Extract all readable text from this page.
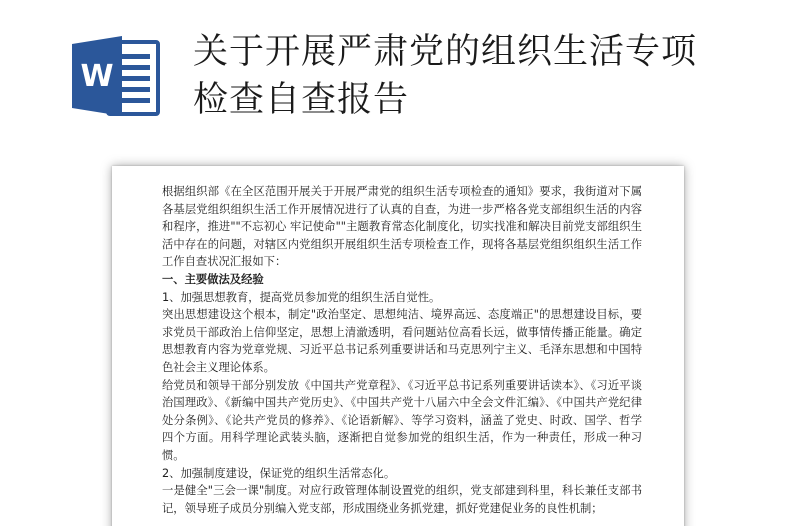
W
关于开展严肃党的组织生活专项
检查自查报告

根据组织部《在全区范围开展关于开展严肃党的组织生活专项检查的通知》要求，我街道对下属各基层党组织组织生活工作开展情况进行了认真的自查，为进一步严格各党支部组织生活的内容和程序，推进""不忘初心 牢记使命""主题教育常态化制度化，切实找准和解决目前党支部组织生活中存在的问题，对辖区内党组织开展组织生活专项检查工作，现将各基层党组织组织生活工作工作自查状况汇报如下：

一、主要做法及经验

1、加强思想教育，提高党员参加党的组织生活自觉性。

突出思想建设这个根本，制定"政治坚定、思想纯洁、境界高远、态度端正"的思想建设目标，要求党员干部政治上信仰坚定，思想上清澈透明，看问题站位高看长远，做事情传播正能量。确定思想教育内容为党章党规、习近平总书记系列重要讲话和马克思列宁主义、毛泽东思想和中国特色社会主义理论体系。

给党员和领导干部分别发放《中国共产党章程》、《习近平总书记系列重要讲话读本》、《习近平谈治国理政》、《新编中国共产党历史》、《中国共产党十八届六中全会文件汇编》、《中国共产党纪律处分条例》、《论共产党员的修养》、《论语新解》、等学习资料，涵盖了党史、时政、国学、哲学四个方面。用科学理论武装头脑，逐渐把自觉参加党的组织生活，作为一种责任，形成一种习惯。

2、加强制度建设，保证党的组织生活常态化。

一是健全"三会一课"制度。对应行政管理体制设置党的组织，党支部建到科里，科长兼任支部书记，领导班子成员分别编入党支部，形成围绕业务抓党建，抓好党建促业务的良性机制；
